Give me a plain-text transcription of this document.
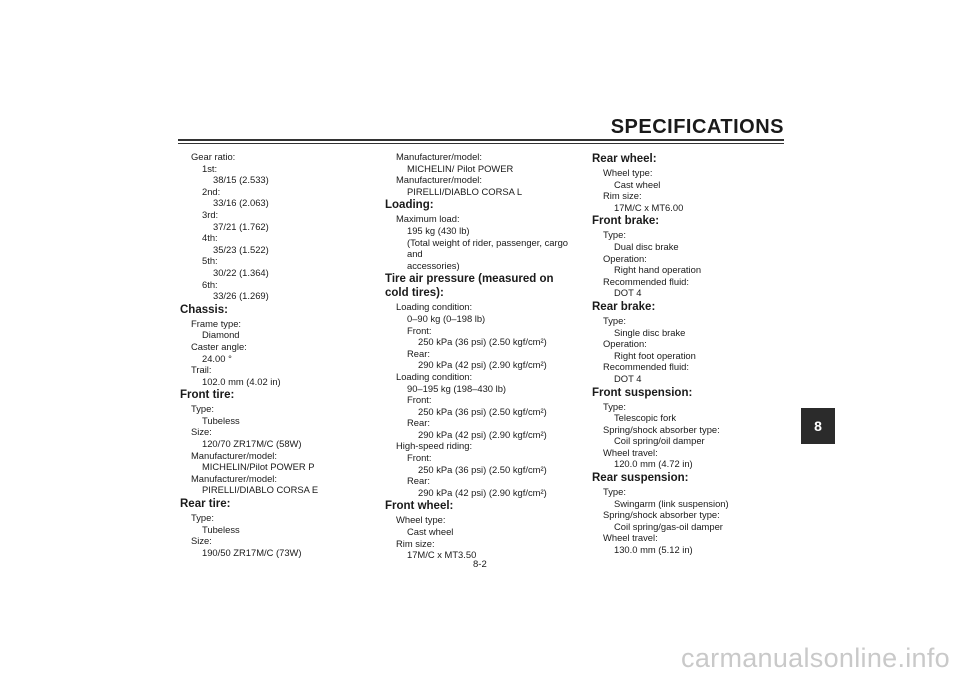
SPECIFICATIONS
Gear ratio:
1st:
38/15 (2.533)
2nd:
33/16 (2.063)
3rd:
37/21 (1.762)
4th:
35/23 (1.522)
5th:
30/22 (1.364)
6th:
33/26 (1.269)
Chassis:
Frame type:
Diamond
Caster angle:
24.00 °
Trail:
102.0 mm (4.02 in)
Front tire:
Type:
Tubeless
Size:
120/70 ZR17M/C (58W)
Manufacturer/model:
MICHELIN/Pilot POWER P
Manufacturer/model:
PIRELLI/DIABLO CORSA E
Rear tire:
Type:
Tubeless
Size:
190/50 ZR17M/C (73W)
Manufacturer/model:
MICHELIN/ Pilot POWER
Manufacturer/model:
PIRELLI/DIABLO CORSA L
Loading:
Maximum load:
195 kg (430 lb)
(Total weight of rider, passenger, cargo and
accessories)
Tire air pressure (measured on cold tires):
Loading condition:
0–90 kg (0–198 lb)
Front:
250 kPa (36 psi) (2.50 kgf/cm²)
Rear:
290 kPa (42 psi) (2.90 kgf/cm²)
Loading condition:
90–195 kg (198–430 lb)
Front:
250 kPa (36 psi) (2.50 kgf/cm²)
Rear:
290 kPa (42 psi) (2.90 kgf/cm²)
High-speed riding:
Front:
250 kPa (36 psi) (2.50 kgf/cm²)
Rear:
290 kPa (42 psi) (2.90 kgf/cm²)
Front wheel:
Wheel type:
Cast wheel
Rim size:
17M/C x MT3.50
Rear wheel:
Wheel type:
Cast wheel
Rim size:
17M/C x MT6.00
Front brake:
Type:
Dual disc brake
Operation:
Right hand operation
Recommended fluid:
DOT 4
Rear brake:
Type:
Single disc brake
Operation:
Right foot operation
Recommended fluid:
DOT 4
Front suspension:
Type:
Telescopic fork
Spring/shock absorber type:
Coil spring/oil damper
Wheel travel:
120.0 mm (4.72 in)
Rear suspension:
Type:
Swingarm (link suspension)
Spring/shock absorber type:
Coil spring/gas-oil damper
Wheel travel:
130.0 mm (5.12 in)
8
8-2
carmanualsonline.info
